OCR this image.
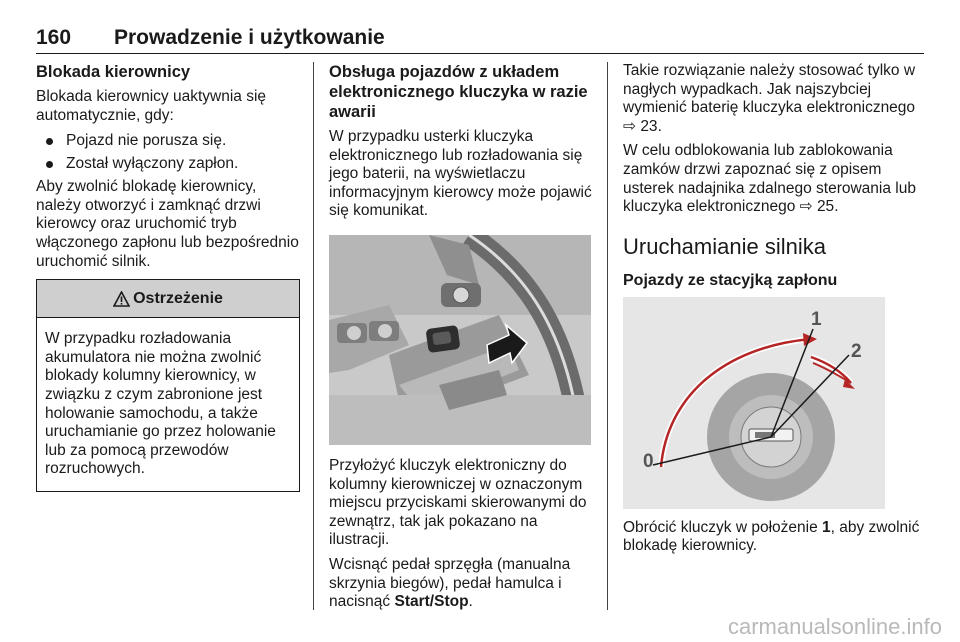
160 Prowadzenie i użytkowanie
Blokada kierownicy

Blokada kierownicy uaktywnia się automatycznie, gdy:

Pojazd nie porusza się.
Został wyłączony zapłon.

Aby zwolnić blokadę kierownicy, należy otworzyć i zamknąć drzwi kierowcy oraz uruchomić tryb włączonego zapłonu lub bezpośrednio uruchomić silnik.

Ostrzeżenie

W przypadku rozładowania akumulatora nie można zwolnić blokady kolumny kierownicy, w związku z czym zabronione jest holowanie samochodu, a także uruchamianie go przez holowanie lub za pomocą przewodów rozruchowych.

Obsługa pojazdów z układem elektronicznego kluczyka w razie awarii

W przypadku usterki kluczyka elektronicznego lub rozładowania się jego baterii, na wyświetlaczu informacyjnym kierowcy może pojawić się komunikat.

Przyłożyć kluczyk elektroniczny do kolumny kierowniczej w oznaczonym miejscu przyciskami skierowanymi do zewnątrz, tak jak pokazano na ilustracji.

Wcisnąć pedał sprzęgła (manualna skrzynia biegów), pedał hamulca i nacisnąć Start/Stop.

Takie rozwiązanie należy stosować tylko w nagłych wypadkach. Jak najszybciej wymienić baterię kluczyka elektronicznego ⇨ 23.

W celu odblokowania lub zablokowania zamków drzwi zapoznać się z opisem usterek nadajnika zdalnego sterowania lub kluczyka elektronicznego ⇨ 25.

Uruchamianie silnika
Pojazdy ze stacyjką zapłonu
0
1
2

Obrócić kluczyk w położenie 1, aby zwolnić blokadę kierownicy.

carmanualsonline.info
